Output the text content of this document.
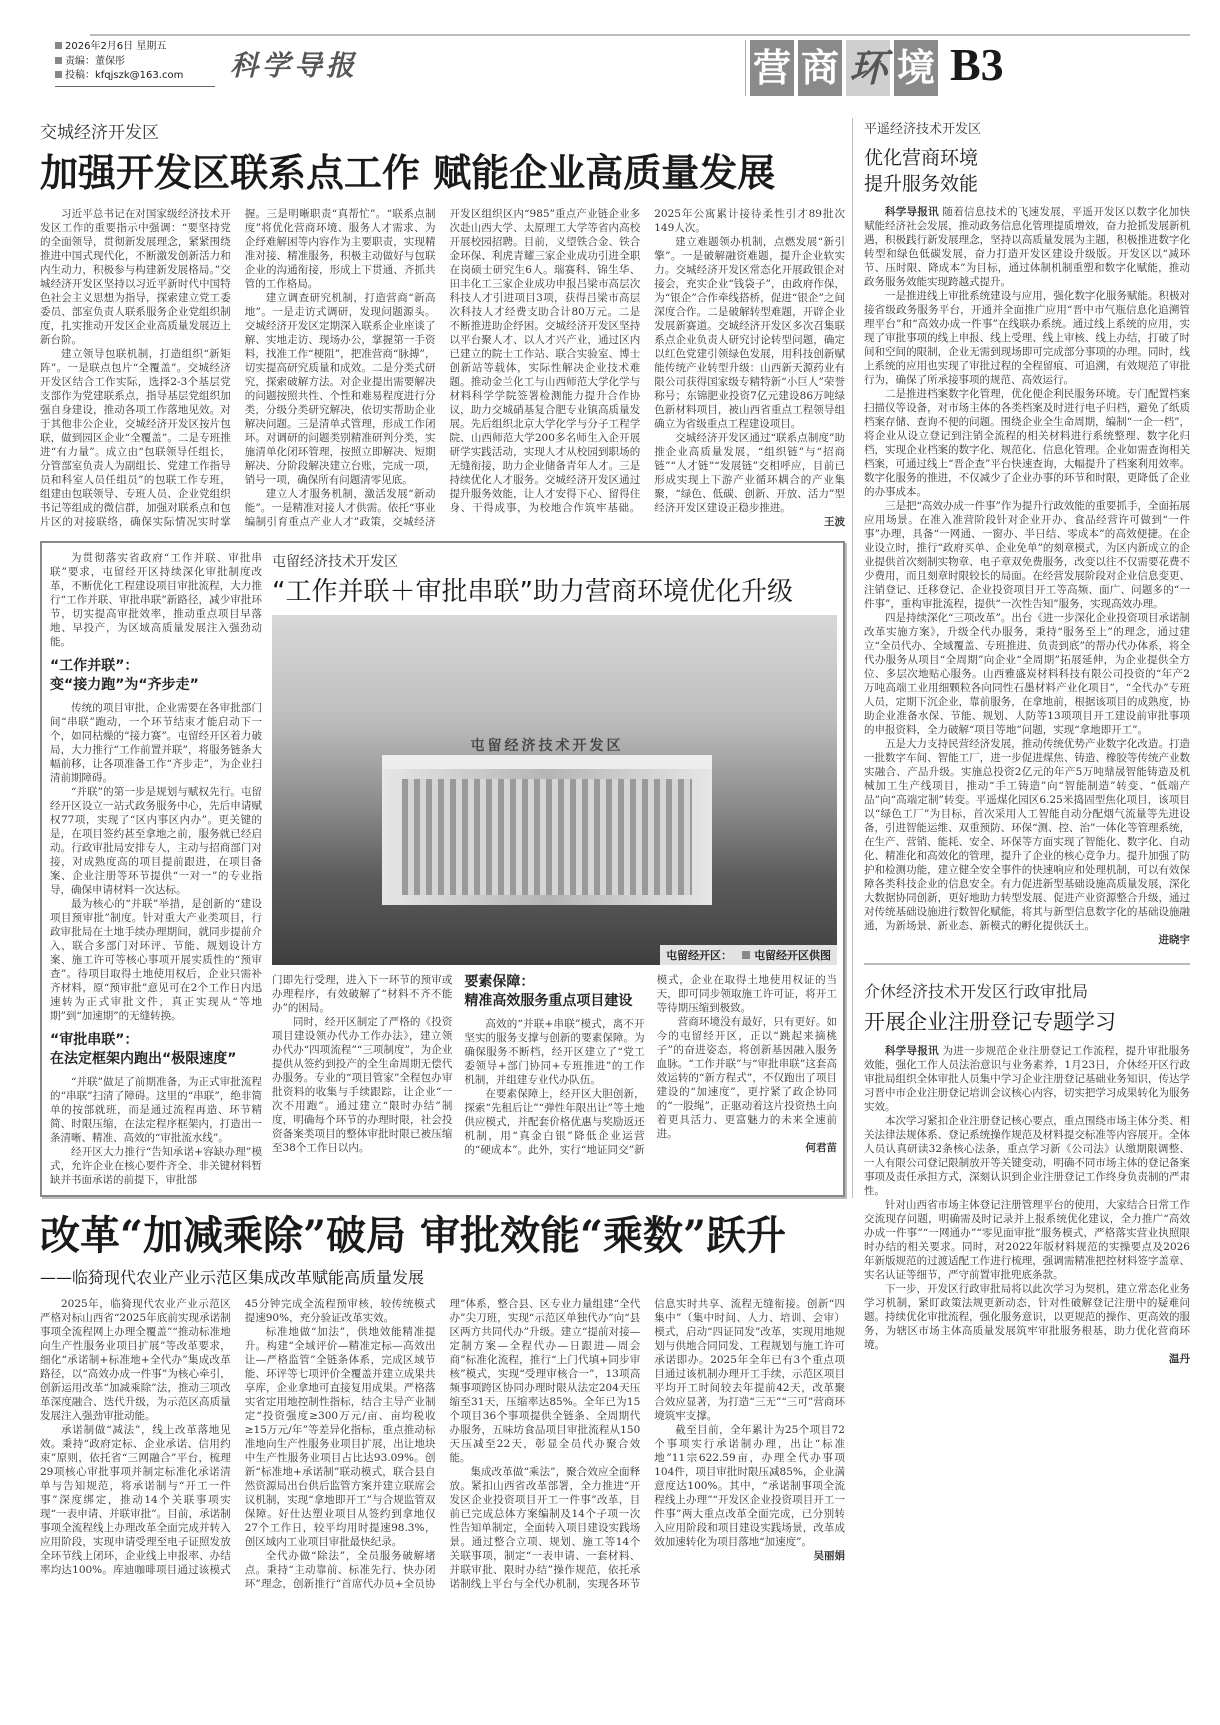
2026年2月6日 星期五
责编：董保彤
投稿：kfqjszk@163.com	科学导报	营 商 环 境 B3
交城经济开发区
加强开发区联系点工作 赋能企业高质量发展

习近平总书记在对国家级经济技术开发区工作的重要指示中强调：“要坚持党的全面领导，贯彻新发展理念，紧紧围绕推进中国式现代化，不断激发创新活力和内生动力，积极参与构建新发展格局。”交城经济开发区坚持以习近平新时代中国特色社会主义思想为指导，探索建立党工委委员、部室负责人联系服务企业党组织制度，扎实推动开发区企业高质量发展迈上新台阶。

建立领导包联机制，打造组织“新矩阵”。一是联点包片“全覆盖”。交城经济开发区结合工作实际，选择2-3个基层党支部作为党建联系点，指导基层党组织加强自身建设，推动各项工作落地见效。对于其他非公企业，交城经济开发区按片包联，做到园区企业“全覆盖”。二是专班推进“有力量”。成立由“包联领导任组长，分管部室负责人为副组长、党建工作指导员和科室人员任组员”的包联工作专班，组建由包联领导、专班人员、企业党组织书记等组成的微信群，加强对联系点和包片区的对接联络，确保实际情况实时掌握。三是明晰职责“真帮忙”。“联系点制度”将优化营商环境、服务人才需求、为企纾难解困等内容作为主要职责，实现精准对接、精准服务，积极主动做好与包联企业的沟通衔接，形成上下贯通、齐抓共管的工作格局。

建立调查研究机制，打造营商“新高地”。一是走访式调研，发现问题源头。交城经济开发区定期深入联系企业座谈了解、实地走访、现场办公，掌握第一手资料，找准工作“梗阻”，把准营商“脉搏”，切实提高研究质量和成效。二是分类式研究，探索破解方法。对企业提出需要解决的问题按照共性、个性和难易程度进行分类，分级分类研究解决，依切实帮助企业解决问题。三是清单式管理，形成工作闭环。对调研的问题类别精准研判分类，实施清单化闭环管理，按照立即解决、短期解决、分阶段解决建立台账，完成一项，销号一项，确保所有问题清零见底。

建立人才服务机制，激活发展“新动能”。一是精准对接人才供需。依托“事业编制引育重点产业人才”政策，交城经济开发区组织区内“985”重点产业链企业多次赴山西大学、太原理工大学等省内高校开展校园招聘。目前，义望铁合金、铁合金环保、利虎青耀三家企业成功引进全职在岗硕士研究生6人。瑞赛科、锦生华、田丰化工三家企业成功申报吕梁市高层次科技人才引进项目3项，获得吕梁市高层次科技人才经费支助合计80万元。二是不断推进助企纾困。交城经济开发区坚持以平台聚人才、以人才兴产业，通过区内已建立的院士工作站、联合实验室、博士创新站等载体，实际性解决企业技术难题。推动金兰化工与山西师范大学化学与材料科学学院签署检测能力提升合作协议，助力交城硝基复合肥专业镇高质量发展。先后组织北京大学化学与分子工程学院、山西师范大学200多名师生入企开展研学实践活动，实现人才从校园到职场的无缝衔接，助力企业储备青年人才。三是持续优化人才服务。交城经济开发区通过提升服务效能，让人才安得下心、留得住身、干得成事，为校地合作筑牢基础。2025年公寓累计接待柔性引才89批次149人次。

建立难题领办机制，点燃发展“新引擎”。一是破解融资难题，提升企业软实力。交城经济开发区常态化开展政银企对接会，充实企业“钱袋子”，由政府作保，为“银企”合作牵线搭桥，促进“银企”之间深度合作。二是破解转型难题，开辟企业发展新赛道。交城经济开发区多次召集联系点企业负责人研究讨论转型问题，确定以红色党建引领绿色发展，用科技创新赋能传统产业转型升级：山西新天源药业有限公司获得国家级专精特新“小巨人”荣誉称号；东锦肥业投资7亿元建设86万吨绿色新材料项目，被山西省重点工程领导组确立为省级重点工程建设项目。

交城经济开发区通过“联系点制度”助推企业高质量发展，“组织链”与“招商链”“人才链”“发展链”交相呼应，目前已形成实现上下游产业循环耦合的产业集聚，“绿色、低碳、创新、开放、活力”型经济开发区建设正稳步推进。

王波

为贯彻落实省政府“工作并联、审批串联”要求，屯留经开区持续深化审批制度改革，不断优化工程建设项目审批流程，大力推行“工作并联、审批串联”新路径，减少审批环节，切实提高审批效率，推动重点项目早落地、早投产，为区域高质量发展注入强劲动能。

“工作并联”：
变“接力跑”为“齐步走”

传统的项目审批，企业需要在各审批部门间“串联”跑动，一个环节结束才能启动下一个，如同枯燥的“接力赛”。屯留经开区着力破局，大力推行“工作前置并联”，将服务链条大幅前移，让各项准备工作“齐步走”，为企业扫清前期障碍。

“并联”的第一步是规划与赋权先行。屯留经开区设立一站式政务服务中心，先后申请赋权77项，实现了“区内事区内办”。更关键的是，在项目签约甚至拿地之前，服务就已经启动。行政审批局安排专人，主动与招商部门对接，对成熟度高的项目提前跟进，在项目备案、企业注册等环节提供“一对一”的专业指导，确保申请材料一次达标。

最为核心的“并联”举措，是创新的“建设项目预审批”制度。针对重大产业类项目，行政审批局在土地手续办理期间，就同步提前介入，联合多部门对环评、节能、规划设计方案、施工许可等核心事项开展实质性的“预审查”。待项目取得土地使用权后，企业只需补齐材料，原“预审批”意见可在2个工作日内迅速转为正式审批文件，真正实现从“等地期”到“加速期”的无缝转换。

“审批串联”：
在法定框架内跑出“极限速度”

“并联”做足了前期准备，为正式审批流程的“串联”扫清了障碍。这里的“串联”，绝非简单的按部就班，而是通过流程再造、环节精简、时限压缩，在法定程序框架内，打造出一条清晰、精准、高效的“审批流水线”。

经开区大力推行“告知承诺+容缺办理”模式，允许企业在核心要件齐全、非关键材料暂缺并书面承诺的前提下，审批部

屯留经济技术开发区
“工作并联＋审批串联”助力营商环境优化升级
屯留经济技术开发区
屯留经开区： 屯留经开区供图

门即先行受理，进入下一环节的预审或办理程序，有效破解了“材料不齐不能办”的困局。

同时，经开区制定了严格的《投资项目建设领办代办工作办法》，建立领办代办“四项流程”“三项制度”，为企业提供从签约到投产的全生命周期无偿代办服务。专业的“项目管家”全程包办审批资料的收集与手续跟踪，让企业“一次不用跑”。通过建立“限时办结”制度，明确每个环节的办理时限，社会投资备案类项目的整体审批时限已被压缩至38个工作日以内。

要素保障：
精准高效服务重点项目建设

高效的“并联+串联”模式，离不开坚实的服务支撑与创新的要素保障。为确保服务不断档，经开区建立了“党工委领导+部门协同+专班推进”的工作机制，并组建专业代办队伍。

在要素保障上，经开区大胆创新，探索“先租后让”“弹性年限出让”等土地供应模式，并配套价格优惠与奖励返还机制，用“真金白银”降低企业运营的“硬成本”。此外，实行“地证同交”新模式，企业在取得土地使用权证的当天，即可同步领取施工许可证，将开工等待期压缩到极致。

营商环境没有最好，只有更好。如今的屯留经开区，正以“跳起来摘桃子”的奋进姿态，将创新基因融入服务血脉。“工作并联”与“审批串联”这套高效运转的“新方程式”，不仅跑出了项目建设的“加速度”，更拧紧了政企协同的“一股绳”，正驱动着这片投资热土向着更具活力、更富魅力的未来全速前进。

何君苗

改革“加减乘除”破局 审批效能“乘数”跃升
——临猗现代农业产业示范区集成改革赋能高质量发展

2025年，临猗现代农业产业示范区严格对标山西省“2025年底前实现承诺制事项全流程网上办理全覆盖”“推动标准地向生产性服务业项目扩展”等改革要求，细化“承诺制+标准地+全代办”集成改革路径，以“高效办成一件事”为核心牵引，创新运用改革“加减乘除”法，推动三项改革深度融合、迭代升级，为示范区高质量发展注入强劲审批动能。

承诺制做“减法”，线上改革落地见效。秉持“政府定标、企业承诺、信用约束”原则，依托省“三网融合”平台，梳理29项核心审批事项并制定标准化承诺清单与告知规范，将承诺制与“开工一件事”深度绑定，推动14个关联事项实现“一表申请、并联审批”。目前，承诺制事项全流程线上办理改革全面完成并转入应用阶段，实现申请受理至电子证照发放全环节线上闭环，企业线上申报率、办结率均达100%。库迪咖啡项目通过该模式45分钟完成全流程预审核，较传统模式提速90%，充分验证改革实效。

标准地做“加法”，供地效能精准提升。构建“全域评价—精准定标—高效出让—严格监管”全链条体系，完成区域节能、环评等七项评价全覆盖并建立成果共享库，企业拿地可直接复用成果。严格落实省定用地控制性指标，结合主导产业制定“投资强度≥300万元/亩、亩均税收≥15万元/年”等差异化指标，重点推动标准地向生产性服务业项目扩展，出让地块中生产性服务业项目占比达93.09%。创新“标准地+承诺制”联动模式，联合县自然资源局出台供后监管方案并建立联席会议机制，实现“拿地即开工”与合规监管双保障。好仕达塑业项目从签约到拿地仅27个工作日，较平均用时提速98.3%，创区域内工业项目审批最快纪录。

全代办做“除法”，全员服务破解堵点。秉持“主动靠前、标准先行、快办闭环”理念，创新推行“首席代办员+全员协理”体系，整合县、区专业力量组建“全代办”尖刀班，实现“示范区单独代办”向“县区两方共同代办”升级。建立“提前对接—定制方案—全程代办—日跟进—周会商”标准化流程，推行“上门代填+同步审核”模式，实现“受理审核合一”，13项高频事项跨区协同办理时限从法定204天压缩至31天，压缩率达85%。全年已为15个项目36个事项提供全链条、全周期代办服务，五味坊食品项目审批流程从150天压减至22天，彰显全员代办聚合效能。

集成改革做“乘法”，聚合效应全面释放。紧扣山西省改革部署，全力推进“开发区企业投资项目开工一件事”改革，目前已完成总体方案编制及14个子项一次性告知单制定，全面转入项目建设实践场景。通过整合立项、规划、施工等14个关联事项，制定“一表申请、一套材料、并联审批、限时办结”操作规范，依托承诺制线上平台与全代办机制，实现各环节信息实时共享、流程无缝衔接。创新“四集中”（集中时间、人力、培训、会审）模式，启动“四证同发”改革，实现用地规划与供地合同同发、工程规划与施工许可承诺即办。2025年全年已有3个重点项目通过该机制办理开工手续，示范区项目平均开工时间较去年提前42天，改革聚合效应显著，为打造“三无”“三可”营商环境筑牢支撑。

截至目前，全年累计为25个项目72个事项实行承诺制办理，出让“标准地”11宗622.59亩，办理全代办事项104件，项目审批时限压减85%，企业满意度达100%。其中，“承诺制事项全流程线上办理”“开发区企业投资项目开工一件事”两大重点改革全面完成，已分别转入应用阶段和项目建设实践场景，改革成效加速转化为项目落地“加速度”。

吴丽娟

平遥经济技术开发区
优化营商环境
提升服务效能

科学导报讯 随着信息技术的飞速发展，平遥开发区以数字化加快赋能经济社会发展，推动政务信息化管理提质增效，奋力抢抓发展新机遇，积极践行新发展理念，坚持以高质量发展为主题，积极推进数字化转型和绿色低碳发展，奋力打造开发区建设升级版。开发区以“减环节、压时限、降成本”为目标，通过体制机制重塑和数字化赋能，推动政务服务效能实现跨越式提升。

一是推进线上审批系统建设与应用，强化数字化服务赋能。积极对接省级政务服务平台，开通并全面推广应用“晋中市气瓶信息化追溯管理平台”和“高效办成一件事”在线联办系统。通过线上系统的应用，实现了审批事项的线上申报、线上受理、线上审核、线上办结，打破了时间和空间的限制，企业无需到现场即可完成部分事项的办理。同时，线上系统的应用也实现了审批过程的全程留痕、可追溯，有效规范了审批行为，确保了所承接事项的规范、高效运行。

二是推进档案数字化管理，优化便企利民服务环境。专门配置档案扫描仪等设备，对市场主体的各类档案及时进行电子归档，避免了纸质档案存储、查询不便的问题。围绕企业全生命周期，编制“一企一档”，将企业从设立登记到注销全流程的相关材料进行系统整理、数字化归档，实现企业档案的数字化、规范化、信息化管理。企业如需查询相关档案，可通过线上“晋企查”平台快速查询，大幅提升了档案利用效率。数字化服务的推进，不仅减少了企业办事的环节和时限，更降低了企业的办事成本。

三是把“高效办成一件事”作为提升行政效能的重要抓手，全面拓展应用场景。在准入准营阶段针对企业开办、食品经营许可做到“一件事”办理，具备“一网通、一窗办、半日结、零成本”的高效便捷。在企业设立时，推行“政府买单、企业免单”的刻章模式，为区内新成立的企业提供首次刻制实物章、电子章双免费服务，改变以往不仅需要花费不少费用，而且刻章时限较长的局面。在经营发展阶段对企业信息变更、注销登记、迁移登记、企业投资项目开工等高频、面广、问题多的“一件事”，重构审批流程，提供“一次性告知”服务，实现高效办理。

四是持续深化“三项改革”。出台《进一步深化企业投资项目承诺制改革实施方案》，升级全代办服务，秉持“服务至上”的理念，通过建立“全员代办、全域覆盖、专班推进、负责到底”的帮办代办体系，将全代办服务从项目“全周期”向企业“全周期”拓展延伸，为企业提供全方位、多层次地贴心服务。山西雅盛炭材料科技有限公司投资的“年产2万吨高端工业用细颗粒各向同性石墨材料产业化项目”，“全代办”专班人员，定期下沉企业，靠前服务，在拿地前，根据该项目的成熟度，协助企业准备水保、节能、规划、人防等13项项目开工建设前审批事项的申报资料，全力破解“项目等地”问题，实现“拿地即开工”。

五是大力支持民营经济发展，推动传统优势产业数字化改造。打造一批数字车间、智能工厂，进一步促进煤焦、铸造、橡胶等传统产业数实融合、产品升级。实施总投资2亿元的年产5万吨鼎晟智能铸造及机械加工生产线项目，推动“手工铸造”向“智能制造”转变、“低端产品”向“高端定制”转变。平遥煤化园区6.25米捣固型焦化项目，该项目以“绿色工厂”为目标，首次采用人工智能自动分配烟气流量等先进设备，引进智能运维、双重预防、环保“测、控、治”一体化等管理系统，在生产、营销、能耗、安全、环保等方面实现了智能化、数字化、自动化、精准化和高效化的管理，提升了企业的核心竞争力。提升加强了防护和检测功能，建立健全安全事件的快速响应和处理机制，可以有效保障各类科技企业的信息安全。有力促进新型基础设施高质量发展，深化大数据协同创新，更好地助力转型发展、促进产业资源整合升级，通过对传统基础设施进行数智化赋能，将其与新型信息数字化的基础设施融通，为新场景、新业态、新模式的孵化提供沃土。

进晓宇

介休经济技术开发区行政审批局
开展企业注册登记专题学习

科学导报讯 为进一步规范企业注册登记工作流程，提升审批服务效能，强化工作人员法治意识与业务素养，1月23日，介休经开区行政审批局组织全体审批人员集中学习企业注册登记基础业务知识，传达学习晋中市企业注册登记培训会议核心内容，切实把学习成果转化为服务实效。

本次学习紧扣企业注册登记核心要点，重点围绕市场主体分类、相关法律法规体系、登记系统操作规范及材料提交标准等内容展开。全体人员认真研读32条核心法条，重点学习新《公司法》认缴期限调整、一人有限公司登记限制放开等关键变动，明确不同市场主体的登记备案事项及责任承担方式，深刻认识到企业注册登记工作终身负责制的严肃性。

针对山西省市场主体登记注册管理平台的使用，大家结合日常工作交流现存问题，明确需及时记录并上报系统优化建议，全力推广“高效办成一件事”“一网通办”“零见面审批”服务模式，严格落实营业执照限时办结的相关要求。同时，对2022年版材料规范的实操要点及2026年新版规范的过渡适配工作进行梳理，强调需精准把控材料签字盖章、实名认证等细节，严守前置审批兜底条款。

下一步，开发区行政审批局将以此次学习为契机，建立常态化业务学习机制，紧盯政策法规更新动态，针对性破解登记注册中的疑难问题。持续优化审批流程，强化服务意识，以更规范的操作、更高效的服务，为辖区市场主体高质量发展筑牢审批服务根基，助力优化营商环境。

温丹
